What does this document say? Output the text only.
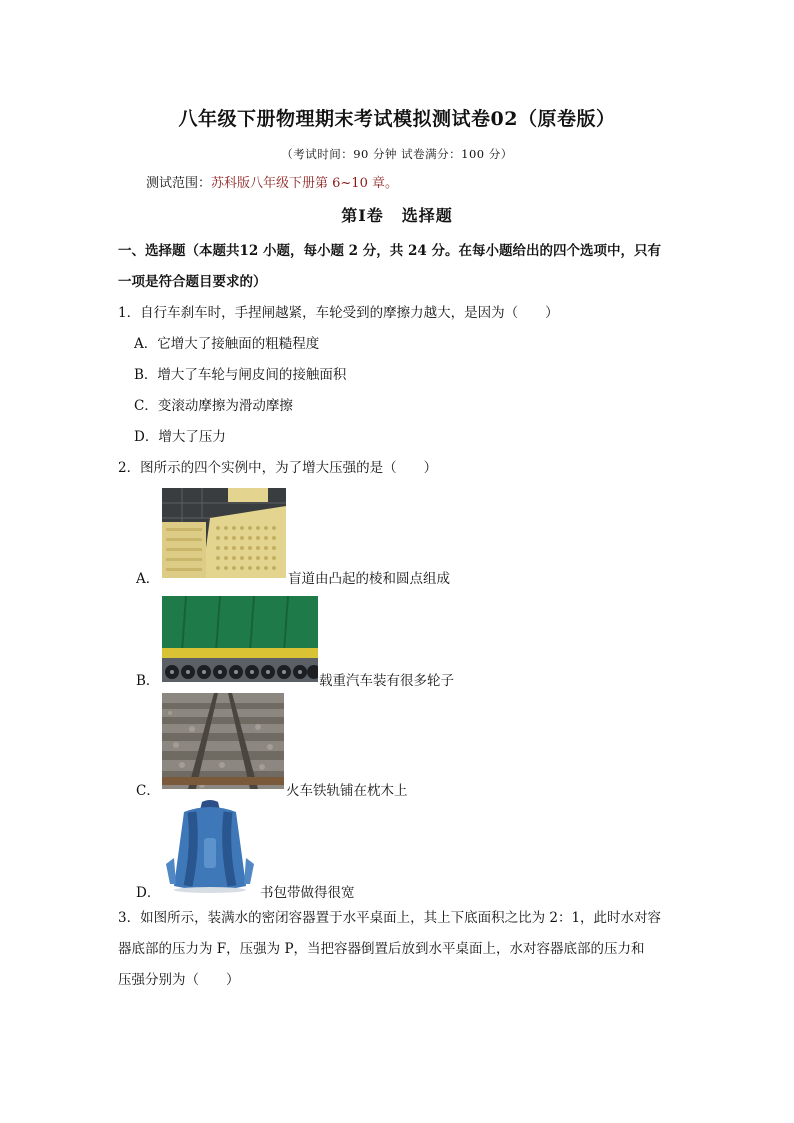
八年级下册物理期末考试模拟测试卷02（原卷版）
（考试时间：90 分钟 试卷满分：100 分）
测试范围：苏科版八年级下册第 6~10 章。
第Ⅰ卷 选择题
一、选择题（本题共12 小题，每小题 2 分，共 24 分。在每小题给出的四个选项中，只有
一项是符合题目要求的）
1．自行车刹车时，手捏闸越紧，车轮受到的摩擦力越大，是因为（　　）
A．它增大了接触面的粗糙程度
B．增大了车轮与闸皮间的接触面积
C．变滚动摩擦为滑动摩擦
D．增大了压力
2．图所示的四个实例中，为了增大压强的是（　　）
A．	盲道由凸起的棱和圆点组成
B．	载重汽车装有很多轮子
C．	火车铁轨铺在枕木上
D．	书包带做得很宽
3．如图所示，装满水的密闭容器置于水平桌面上，其上下底面积之比为 2：1，此时水对容
器底部的压力为 F，压强为 P，当把容器倒置后放到水平桌面上，水对容器底部的压力和
压强分别为（　　）
